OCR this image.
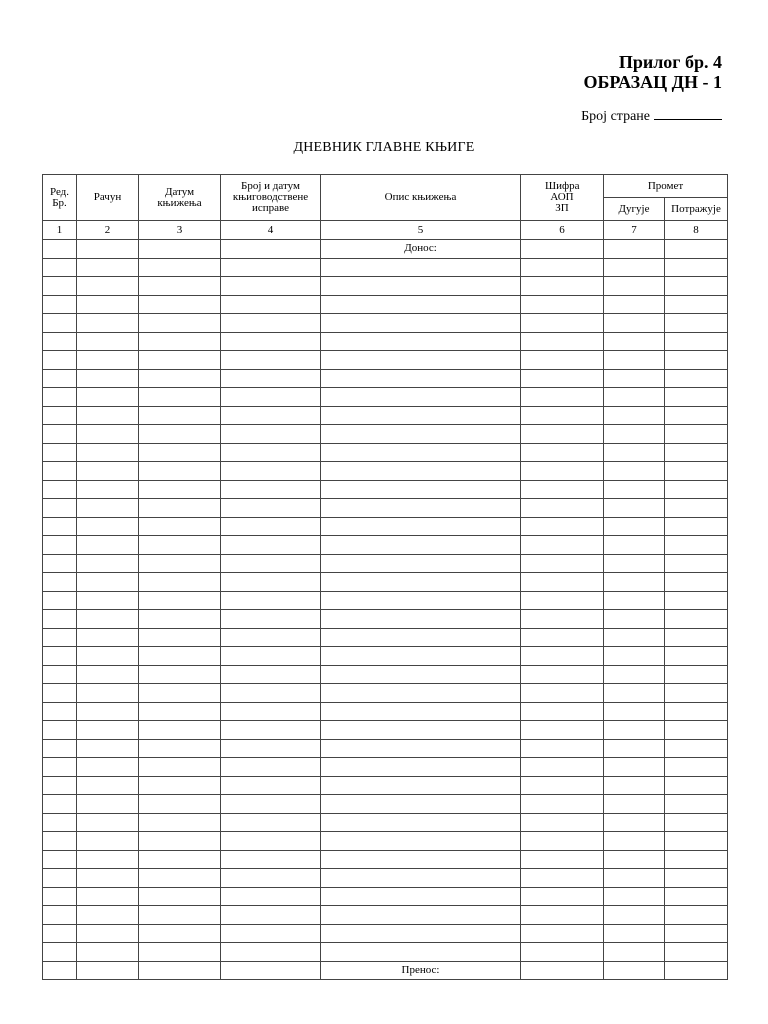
Прилог бр. 4
ОБРАЗАЦ ДН - 1
Број стране
ДНЕВНИК ГЛАВНЕ КЊИГЕ
Ред. Бр.	Рачун	Датум књижења	Број и датум књиговодствене исправе	Опис књижења	Шифра АОП ЗП	Промет	
						Дугује	Потражује
1	2	3	4	5	6	7	8
				Донос:			

				Пренос:			
